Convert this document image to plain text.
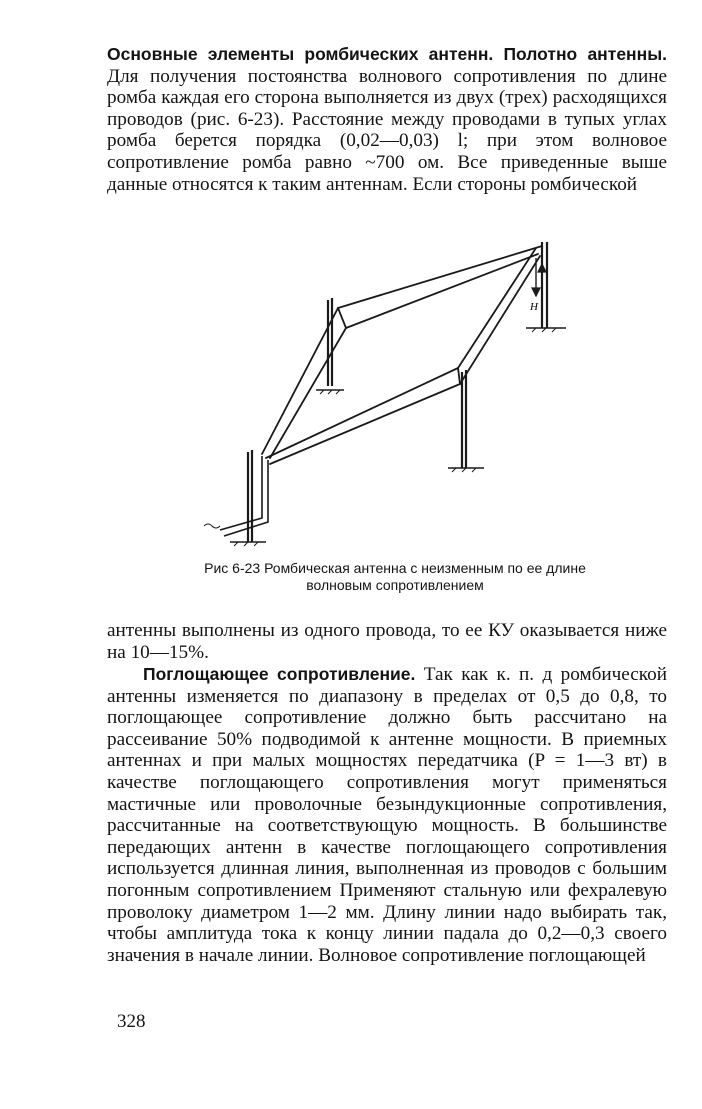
Основные элементы ромбических антенн. Полотно антенны. Для получения постоянства волнового сопротивления по длине ромба каждая его сторона выполняется из двух (трех) расходящихся проводов (рис. 6-23). Расстояние между проводами в тупых углах ромба берется порядка (0,02—0,03) l; при этом волновое сопротивление ромба равно ~700 ом. Все приведенные выше данные относятся к таким антеннам. Если стороны ромбической

H

Рис 6-23 Ромбическая антенна с неизменным по ее длине волновым сопротивлением

антенны выполнены из одного провода, то ее КУ оказывается ниже на 10—15%.

Поглощающее сопротивление. Так как к. п. д ромбической антенны изменяется по диапазону в пределах от 0,5 до 0,8, то поглощающее сопротивление должно быть рассчитано на рассеивание 50% подводимой к антенне мощности. В приемных антеннах и при малых мощностях передатчика (P = 1—3 вт) в качестве поглощающего сопротивления могут применяться мастичные или проволочные безындукционные сопротивления, рассчитанные на соответствующую мощность. В большинстве передающих антенн в качестве поглощающего сопротивления используется длинная линия, выполненная из проводов с большим погонным сопротивлением Применяют стальную или фехралевую проволоку диаметром 1—2 мм. Длину линии надо выбирать так, чтобы амплитуда тока к концу линии падала до 0,2—0,3 своего значения в начале линии. Волновое сопротивление поглощающей

328
